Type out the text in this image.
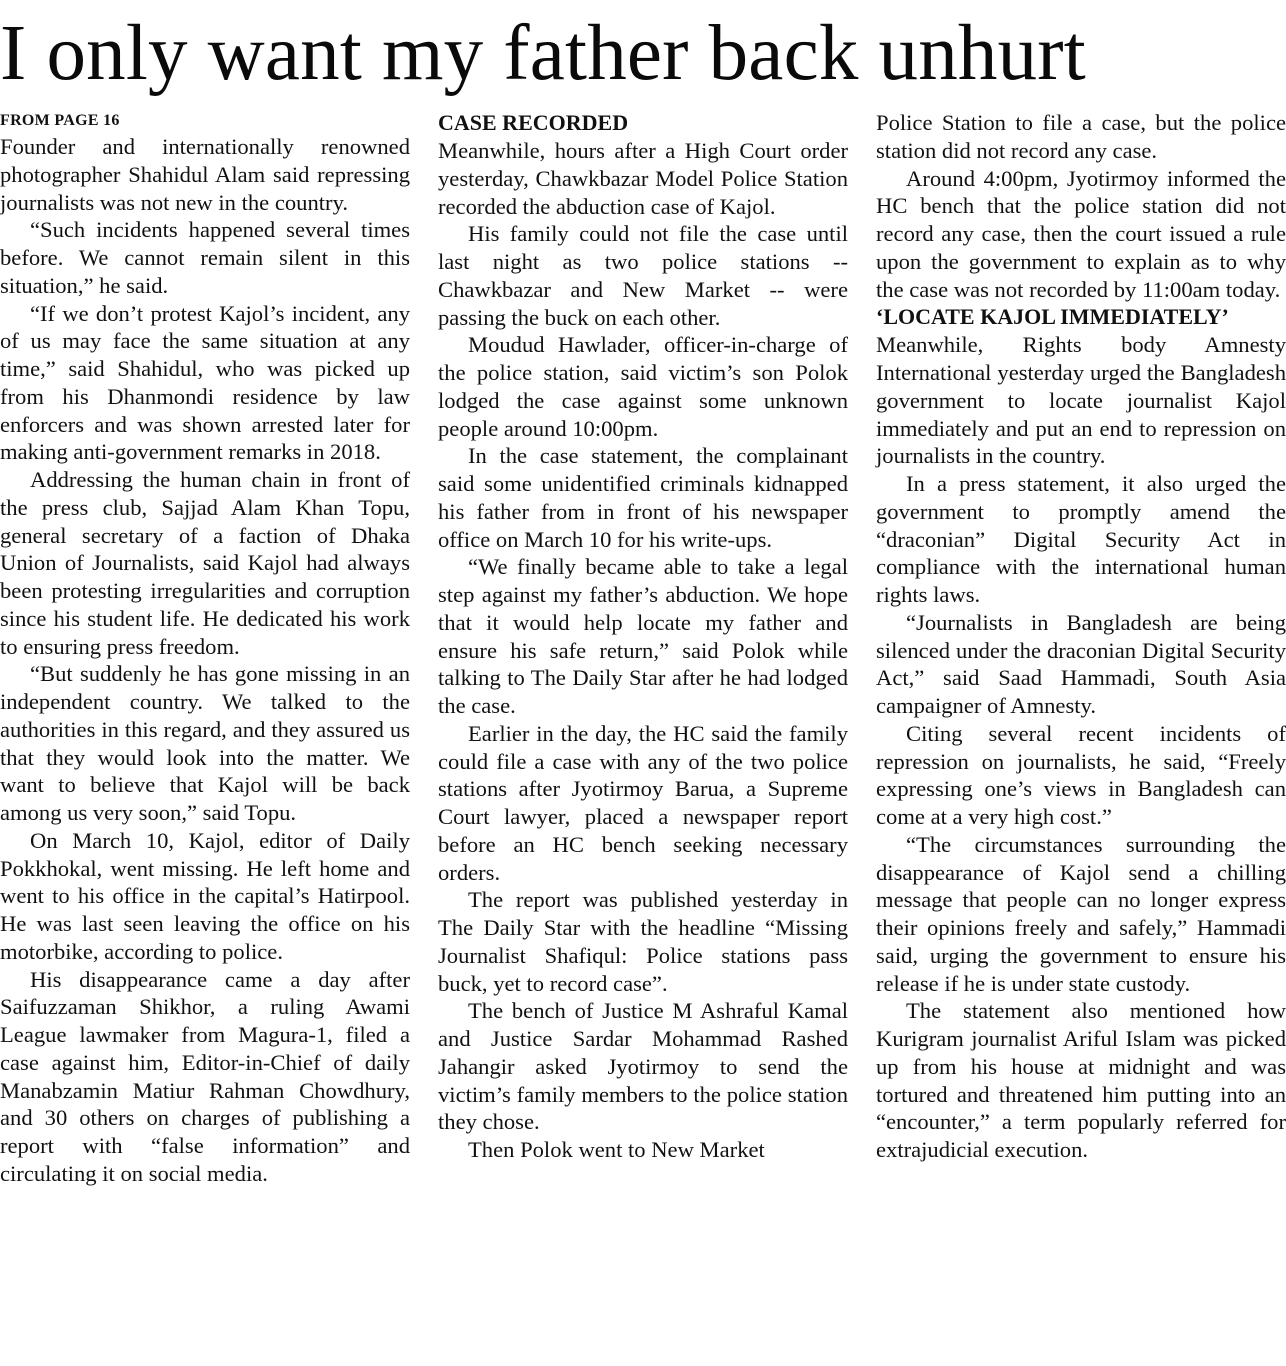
I only want my father back unhurt
FROM PAGE 16

Founder and internationally renowned photographer Shahidul Alam said repressing journalists was not new in the country.

“Such incidents happened several times before. We cannot remain silent in this situation,” he said.

“If we don’t protest Kajol’s incident, any of us may face the same situation at any time,” said Shahidul, who was picked up from his Dhanmondi residence by law enforcers and was shown arrested later for making anti-government remarks in 2018.

Addressing the human chain in front of the press club, Sajjad Alam Khan Topu, general secretary of a faction of Dhaka Union of Journalists, said Kajol had always been protesting irregularities and corruption since his student life. He dedicated his work to ensuring press freedom.

“But suddenly he has gone missing in an independent country. We talked to the authorities in this regard, and they assured us that they would look into the matter. We want to believe that Kajol will be back among us very soon,” said Topu.

On March 10, Kajol, editor of Daily Pokkhokal, went missing. He left home and went to his office in the capital’s Hatirpool. He was last seen leaving the office on his motorbike, according to police.

His disappearance came a day after Saifuzzaman Shikhor, a ruling Awami League lawmaker from Magura-1, filed a case against him, Editor-in-Chief of daily Manabzamin Matiur Rahman Chowdhury, and 30 others on charges of publishing a report with “false information” and circulating it on social media.

CASE RECORDED

Meanwhile, hours after a High Court order yesterday, Chawkbazar Model Police Station recorded the abduction case of Kajol.

His family could not file the case until last night as two police stations -- Chawkbazar and New Market -- were passing the buck on each other.

Moudud Hawlader, officer-in-charge of the police station, said victim’s son Polok lodged the case against some unknown people around 10:00pm.

In the case statement, the complainant said some unidentified criminals kidnapped his father from in front of his newspaper office on March 10 for his write-ups.

“We finally became able to take a legal step against my father’s abduction. We hope that it would help locate my father and ensure his safe return,” said Polok while talking to The Daily Star after he had lodged the case.

Earlier in the day, the HC said the family could file a case with any of the two police stations after Jyotirmoy Barua, a Supreme Court lawyer, placed a newspaper report before an HC bench seeking necessary orders.

The report was published yesterday in The Daily Star with the headline “Missing Journalist Shafiqul: Police stations pass buck, yet to record case”.

The bench of Justice M Ashraful Kamal and Justice Sardar Mohammad Rashed Jahangir asked Jyotirmoy to send the victim’s family members to the police station they chose.

Then Polok went to New Market

Police Station to file a case, but the police station did not record any case.

Around 4:00pm, Jyotirmoy informed the HC bench that the police station did not record any case, then the court issued a rule upon the government to explain as to why the case was not recorded by 11:00am today.

‘LOCATE KAJOL IMMEDIATELY’

Meanwhile, Rights body Amnesty International yesterday urged the Bangladesh government to locate journalist Kajol immediately and put an end to repression on journalists in the country.

In a press statement, it also urged the government to promptly amend the “draconian” Digital Security Act in compliance with the international human rights laws.

“Journalists in Bangladesh are being silenced under the draconian Digital Security Act,” said Saad Hammadi, South Asia campaigner of Amnesty.

Citing several recent incidents of repression on journalists, he said, “Freely expressing one’s views in Bangladesh can come at a very high cost.”

“The circumstances surrounding the disappearance of Kajol send a chilling message that people can no longer express their opinions freely and safely,” Hammadi said, urging the government to ensure his release if he is under state custody.

The statement also mentioned how Kurigram journalist Ariful Islam was picked up from his house at midnight and was tortured and threatened him putting into an “encounter,” a term popularly referred for extrajudicial execution.
